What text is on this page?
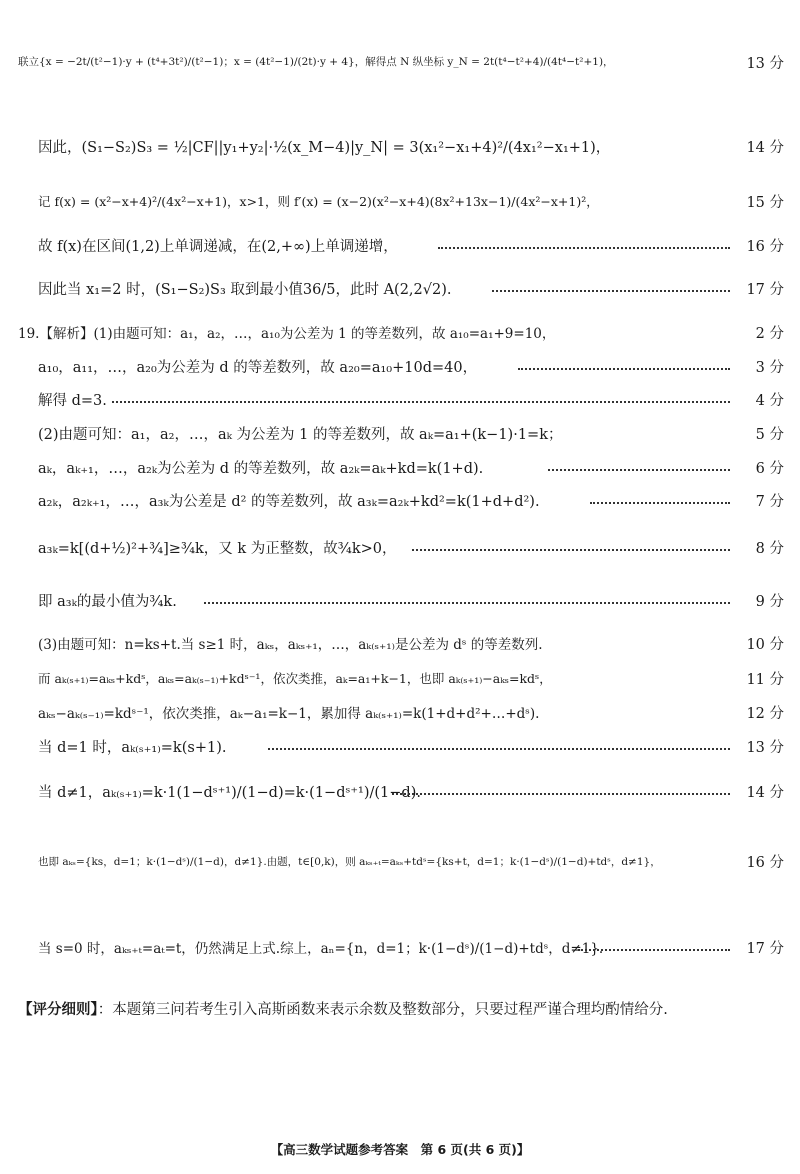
联立{x = −2t/(t²−1)·y + (t⁴+3t²)/(t²−1)；x = (4t²−1)/(2t)·y + 4}，解得点 N 纵坐标 y_N = 2t(t⁴−t²+4)/(4t⁴−t²+1)，	13 分
因此，(S₁−S₂)S₃ = ½|CF||y₁+y₂|·½(x_M−4)|y_N| = 3(x₁²−x₁+4)²/(4x₁²−x₁+1)，	14 分
记 f(x) = (x²−x+4)²/(4x²−x+1)，x>1，则 f′(x) = (x−2)(x²−x+4)(8x²+13x−1)/(4x²−x+1)²，	15 分
故 f(x)在区间(1,2)上单调递减，在(2,+∞)上单调递增，	16 分
因此当 x₁=2 时，(S₁−S₂)S₃ 取到最小值36/5，此时 A(2,2√2).	17 分
19.【解析】(1)由题可知：a₁，a₂，…，a₁₀为公差为 1 的等差数列，故 a₁₀=a₁+9=10，	2 分
a₁₀，a₁₁，…，a₂₀为公差为 d 的等差数列，故 a₂₀=a₁₀+10d=40，	3 分
解得 d=3.	4 分
(2)由题可知：a₁，a₂，…，aₖ 为公差为 1 的等差数列，故 aₖ=a₁+(k−1)·1=k；	5 分
aₖ，aₖ₊₁，…，a₂ₖ为公差为 d 的等差数列，故 a₂ₖ=aₖ+kd=k(1+d).	6 分
a₂ₖ，a₂ₖ₊₁，…，a₃ₖ为公差是 d² 的等差数列，故 a₃ₖ=a₂ₖ+kd²=k(1+d+d²).	7 分
a₃ₖ=k[(d+½)²+¾]≥¾k，又 k 为正整数，故¾k>0，	8 分
即 a₃ₖ的最小值为¾k.	9 分
(3)由题可知：n=ks+t.当 s≥1 时，aₖₛ，aₖₛ₊₁，…，aₖ₍ₛ₊₁₎是公差为 dˢ 的等差数列.	10 分
而 aₖ₍ₛ₊₁₎=aₖₛ+kdˢ，aₖₛ=aₖ₍ₛ₋₁₎+kdˢ⁻¹，依次类推，aₖ=a₁+k−1，也即 aₖ₍ₛ₊₁₎−aₖₛ=kdˢ，	11 分
aₖₛ−aₖ₍ₛ₋₁₎=kdˢ⁻¹，依次类推，aₖ−a₁=k−1，累加得 aₖ₍ₛ₊₁₎=k(1+d+d²+…+dˢ).	12 分
当 d=1 时，aₖ₍ₛ₊₁₎=k(s+1).	13 分
当 d≠1，aₖ₍ₛ₊₁₎=k·1(1−dˢ⁺¹)/(1−d)=k·(1−dˢ⁺¹)/(1−d).	14 分
也即 aₖₛ={ks，d=1；k·(1−dˢ)/(1−d)，d≠1}.由题，t∈[0,k)，则 aₖₛ₊ₜ=aₖₛ+tdˢ={ks+t，d=1；k·(1−dˢ)/(1−d)+tdˢ，d≠1}，	16 分
当 s=0 时，aₖₛ₊ₜ=aₜ=t，仍然满足上式.综上，aₙ={n，d=1；k·(1−dˢ)/(1−d)+tdˢ，d≠1}.	17 分
【评分细则】：本题第三问若考生引入高斯函数来表示余数及整数部分，只要过程严谨合理均酌情给分.
【高三数学试题参考答案　第 6 页(共 6 页)】
